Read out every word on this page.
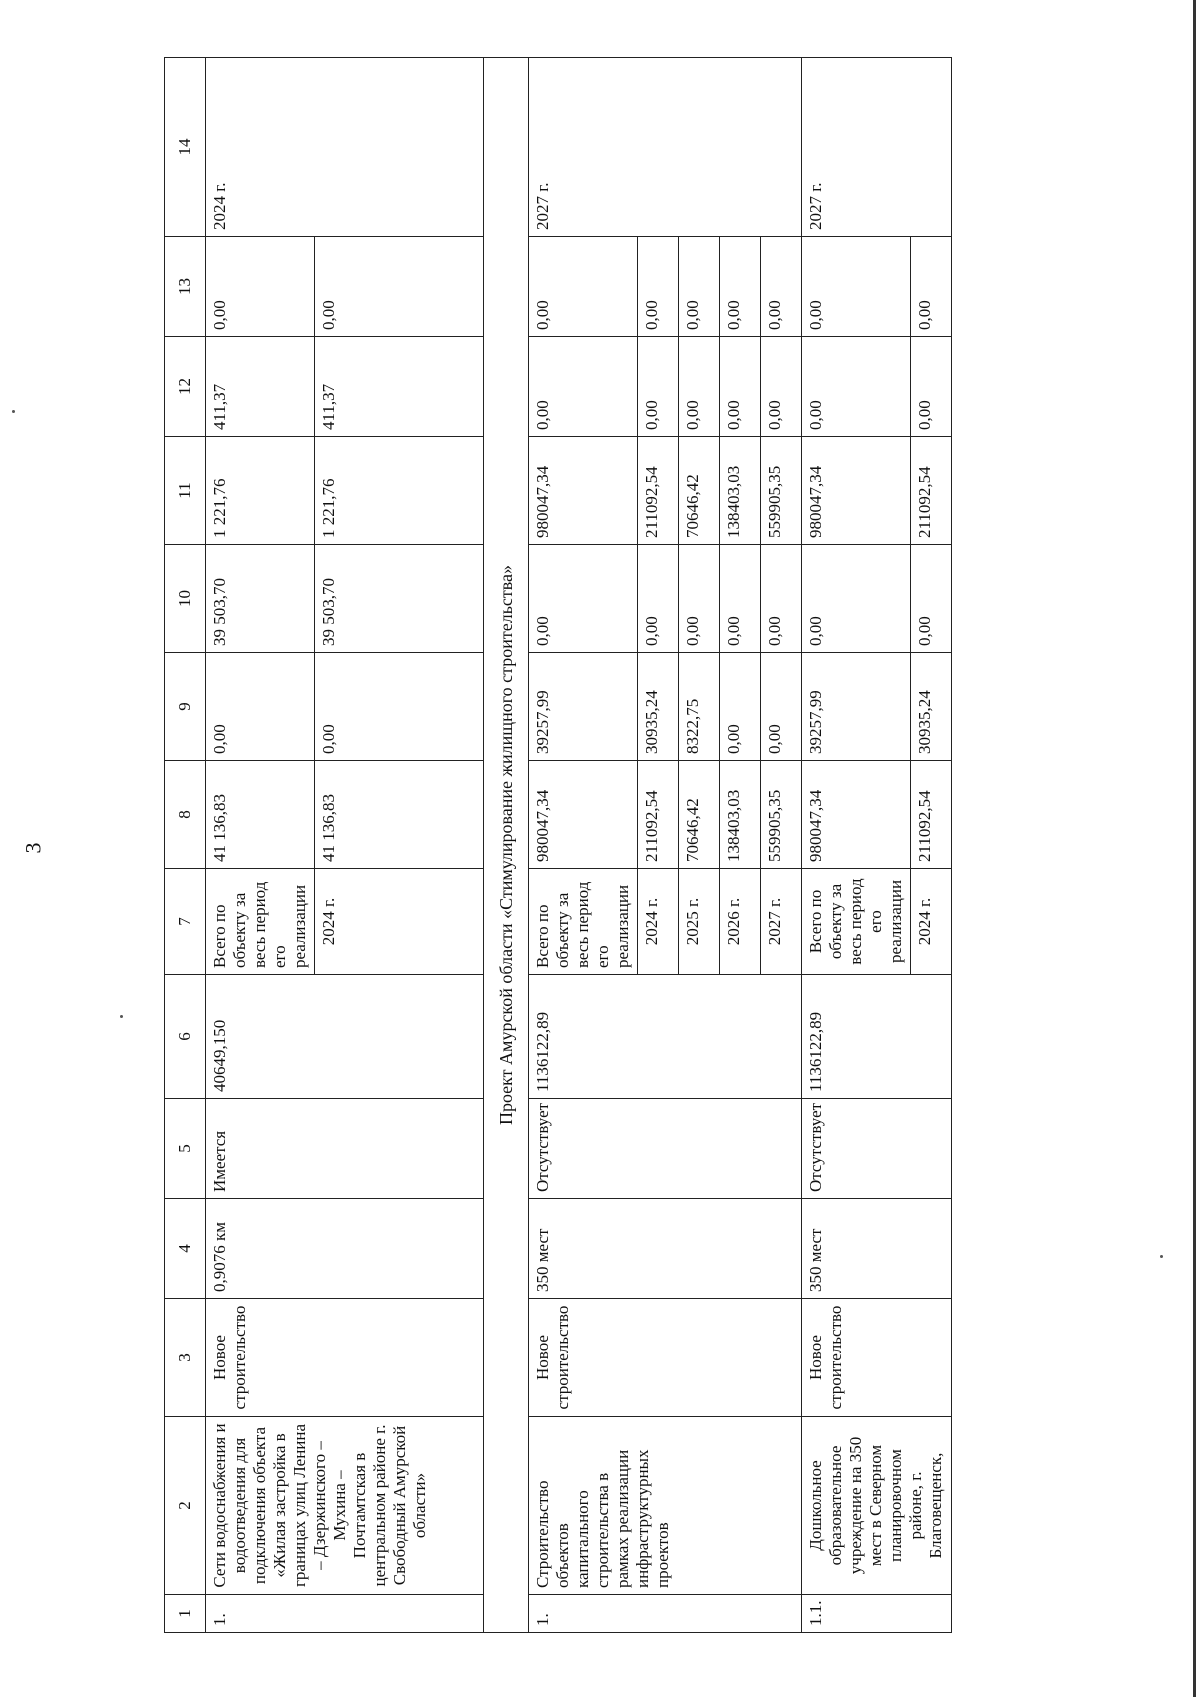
3
1	2	3	4	5	6	7	8	9	10	11	12	13	14
1.	Сети водоснабжения и водоотведения для подключения объекта «Жилая застройка в границах улиц Ленина – Дзержинского – Мухина – Почтамтская в центральном районе г. Свободный Амурской области»	Новое строительство	0,9076 км	Имеется	40649,150	Всего по объекту за весь период его реализации	41 136,83	0,00	39 503,70	1 221,76	411,37	0,00	2024 г.
						2024 г.	41 136,83	0,00	39 503,70	1 221,76	411,37	0,00	
Проект Амурской области «Стимулирование жилищного строительства»													
1.	Строительство объектов капитального строительства в рамках реализации инфраструктурных проектов	Новое строительство	350 мест	Отсутствует	1136122,89	Всего по объекту за весь период его реализации	980047,34	39257,99	0,00	980047,34	0,00	0,00	2027 г.
						2024 г.	211092,54	30935,24	0,00	211092,54	0,00	0,00	
						2025 г.	70646,42	8322,75	0,00	70646,42	0,00	0,00	
						2026 г.	138403,03	0,00	0,00	138403,03	0,00	0,00	
						2027 г.	559905,35	0,00	0,00	559905,35	0,00	0,00	
1.1.	Дошкольное образовательное учреждение на 350 мест в Северном планировочном районе, г. Благовещенск,	Новое строительство	350 мест	Отсутствует	1136122,89	Всего по объекту за весь период его реализации	980047,34	39257,99	0,00	980047,34	0,00	0,00	2027 г.
						2024 г.	211092,54	30935,24	0,00	211092,54	0,00	0,00	
